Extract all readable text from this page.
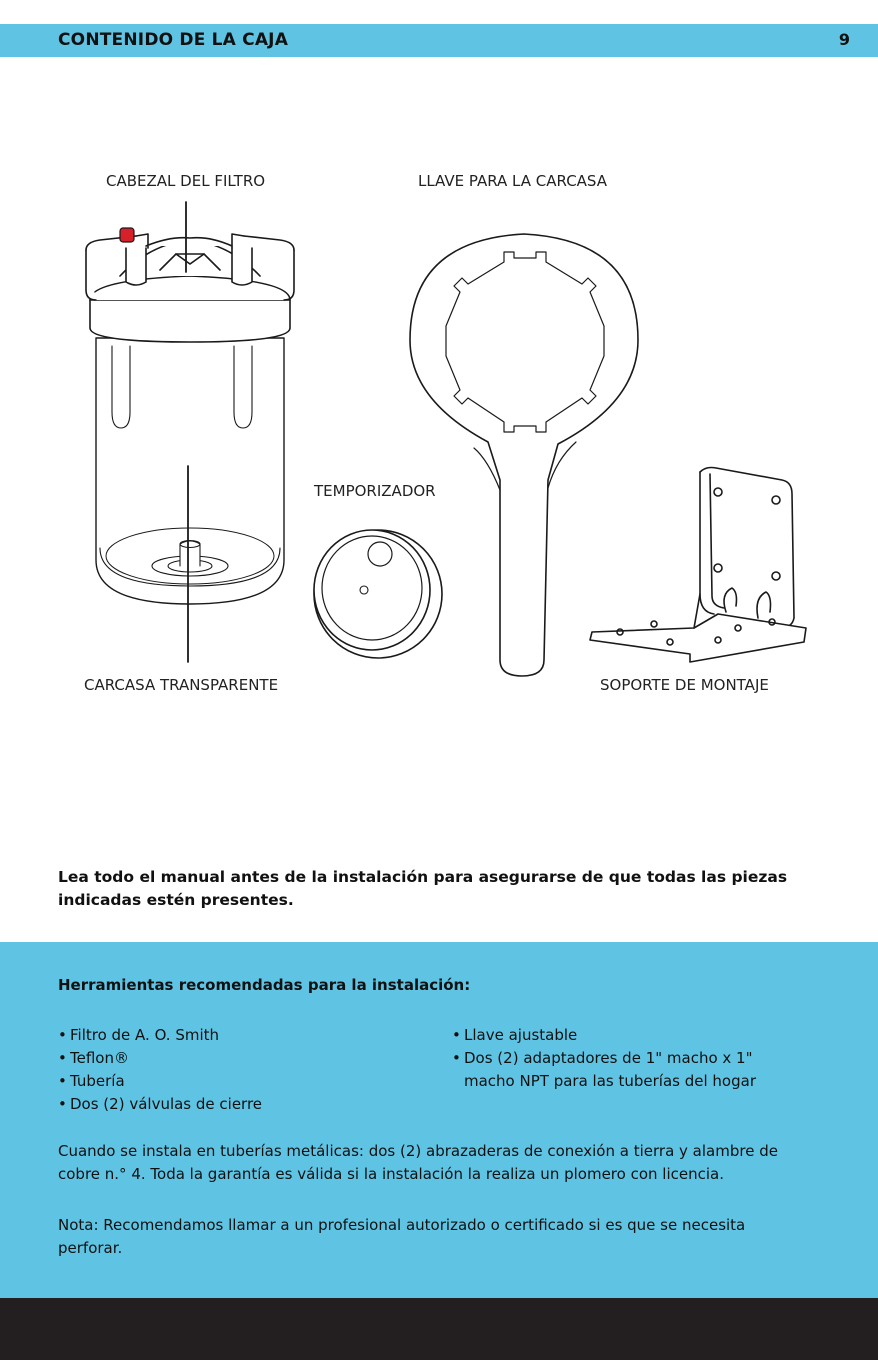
CONTENIDO DE LA CAJA	9
CABEZAL DEL FILTRO	LLAVE PARA LA CARCASA
TEMPORIZADOR
CARCASA TRANSPARENTE	SOPORTE DE MONTAJE
Lea todo el manual antes de la instalación para asegurarse de que todas las piezas indicadas estén presentes.
Herramientas recomendadas para la instalación:
• Filtro de A. O. Smith
• Teflon®
• Tubería
• Dos (2) válvulas de cierre
• Llave ajustable
• Dos (2) adaptadores de 1" macho x 1" macho NPT para las tuberías del hogar

Cuando se instala en tuberías metálicas: dos (2) abrazaderas de conexión a tierra y alambre de cobre n.° 4. Toda la garantía es válida si la instalación la realiza un plomero con licencia.

Nota: Recomendamos llamar a un profesional autorizado o certificado si es que se necesita perforar.
